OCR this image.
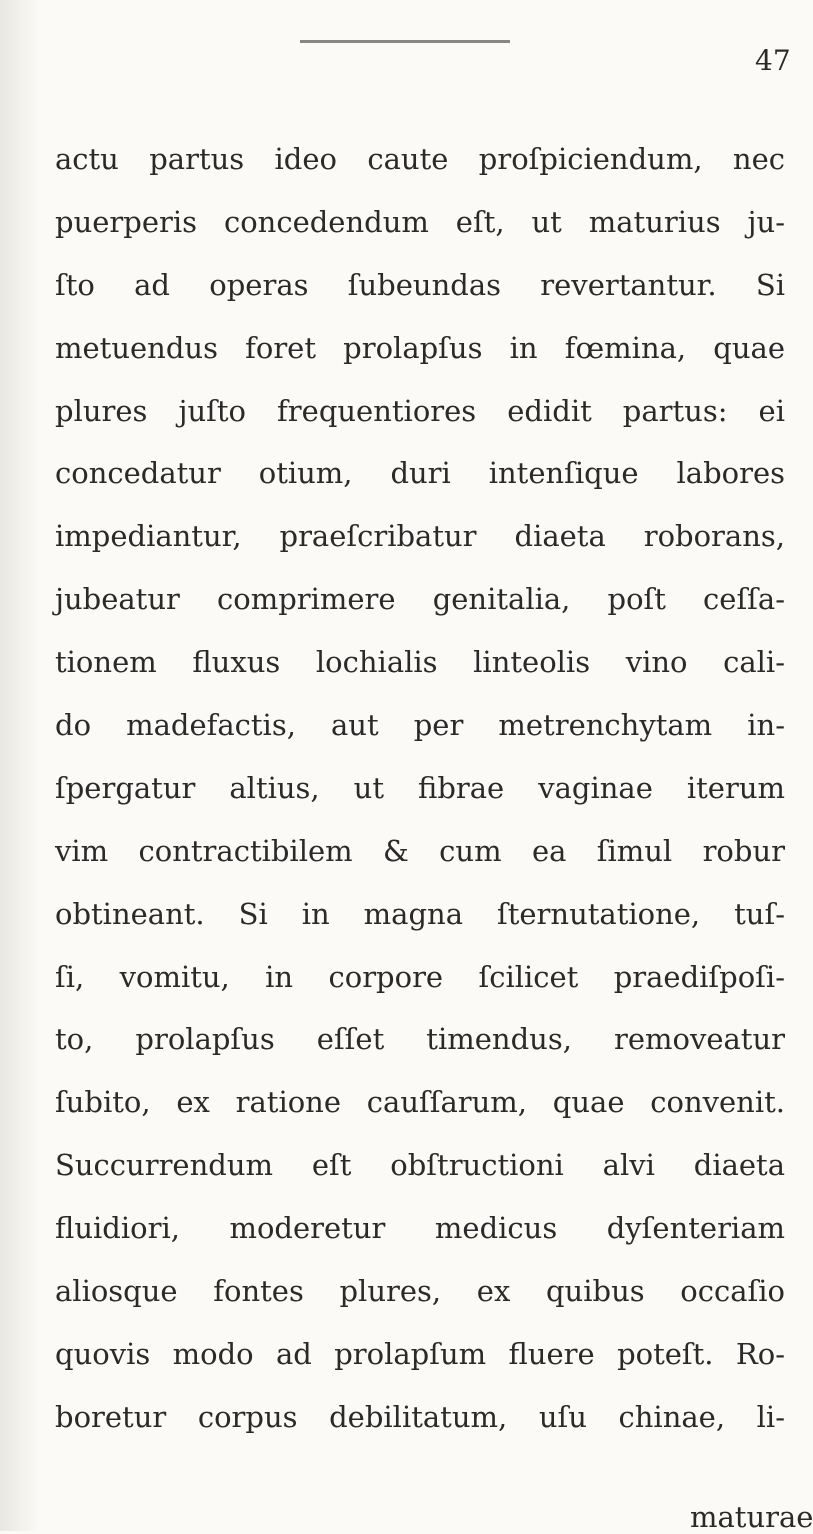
47
actu partus ideo caute proſpiciendum, nec
puerperis concedendum eſt, ut maturius ju-
ſto ad operas ſubeundas revertantur. Si
metuendus foret prolapſus in fœmina, quae
plures juſto frequentiores edidit partus: ei
concedatur otium, duri intenſique labores
impediantur, praeſcribatur diaeta roborans,
jubeatur comprimere genitalia, poſt ceſſa-
tionem fluxus lochialis linteolis vino cali-
do madefactis, aut per metrenchytam in-
ſpergatur altius, ut fibrae vaginae iterum
vim contractibilem & cum ea ſimul robur
obtineant. Si in magna ſternutatione, tuſ-
ſi, vomitu, in corpore ſcilicet praediſpoſi-
to, prolapſus eſſet timendus, removeatur
ſubito, ex ratione cauſſarum, quae convenit.
Succurrendum eſt obſtructioni alvi diaeta
fluidiori, moderetur medicus dyſenteriam
aliosque fontes plures, ex quibus occaſio
quovis modo ad prolapſum fluere poteſt. Ro-
boretur corpus debilitatum, uſu chinae, li-
maturae
